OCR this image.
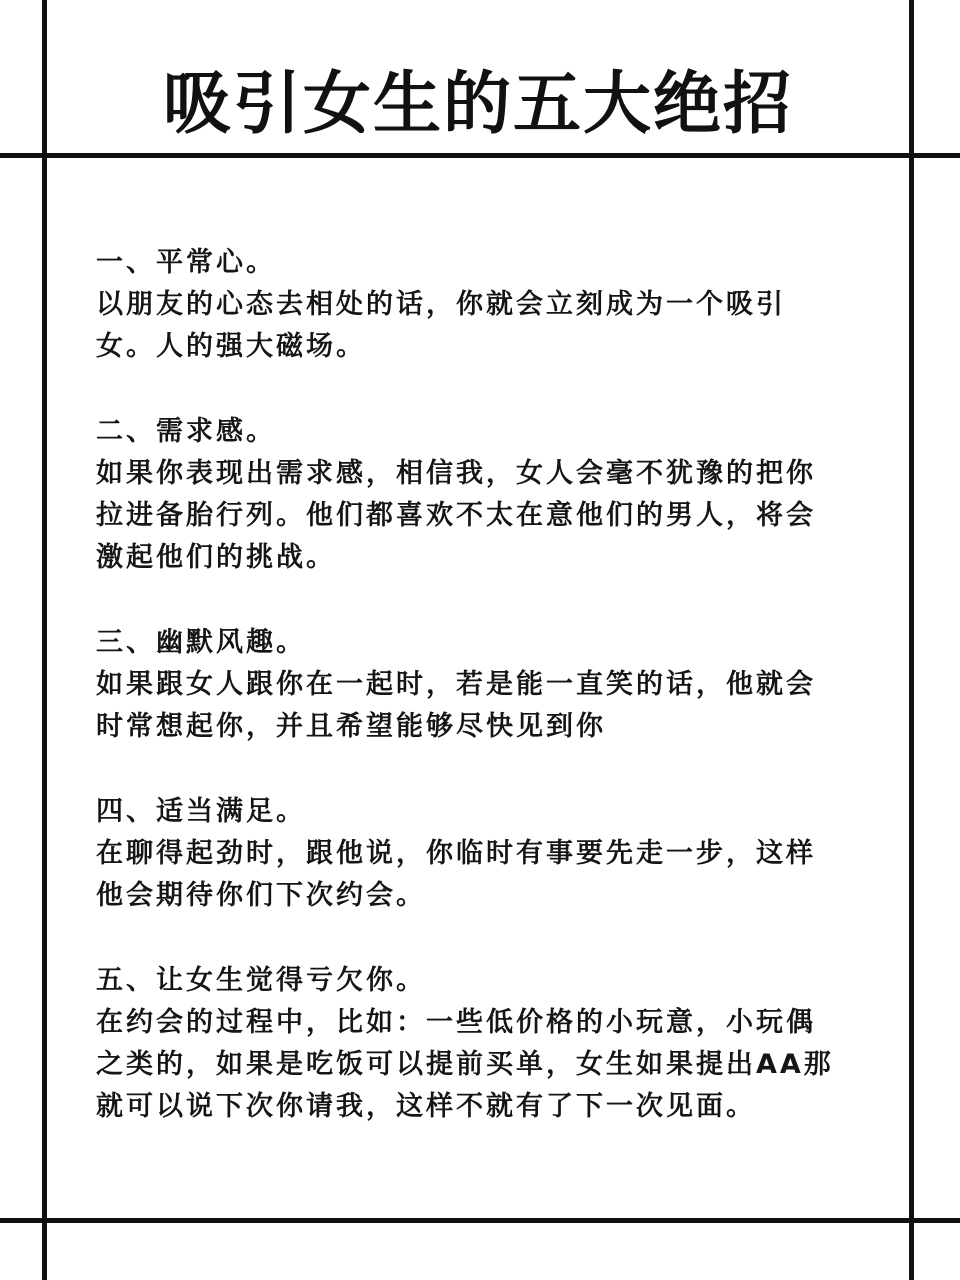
吸引女生的五大绝招
一、平常心。
以朋友的心态去相处的话，你就会立刻成为一个吸引
女。人的强大磁场。
二、需求感。
如果你表现出需求感，相信我，女人会毫不犹豫的把你
拉进备胎行列。他们都喜欢不太在意他们的男人，将会
激起他们的挑战。
三、幽默风趣。
如果跟女人跟你在一起时，若是能一直笑的话，他就会
时常想起你，并且希望能够尽快见到你
四、适当满足。
在聊得起劲时，跟他说，你临时有事要先走一步，这样
他会期待你们下次约会。
五、让女生觉得亏欠你。
在约会的过程中，比如：一些低价格的小玩意，小玩偶
之类的，如果是吃饭可以提前买单，女生如果提出AA那
就可以说下次你请我，这样不就有了下一次见面。
